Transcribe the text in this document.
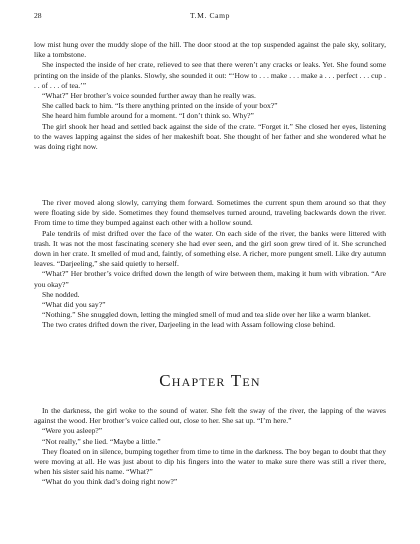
28	T.M. Camp

low mist hung over the muddy slope of the hill. The door stood at the top suspended against the pale sky, solitary, like a tombstone.

She inspected the inside of her crate, relieved to see that there weren’t any cracks or leaks. Yet. She found some printing on the inside of the planks. Slowly, she sounded it out: “‘How to . . . make . . . make a . . . perfect . . . cup . . . of . . . of tea.’”

“What?” Her brother’s voice sounded further away than he really was.

She called back to him. “Is there anything printed on the inside of your box?”

She heard him fumble around for a moment. “I don’t think so. Why?”

The girl shook her head and settled back against the side of the crate. “Forget it.” She closed her eyes, listening to the waves lapping against the sides of her makeshift boat. She thought of her father and she wondered what he was doing right now.

The river moved along slowly, carrying them forward. Sometimes the current spun them around so that they were floating side by side. Sometimes they found themselves turned around, traveling backwards down the river. From time to time they bumped against each other with a hollow sound.

Pale tendrils of mist drifted over the face of the water. On each side of the river, the banks were littered with trash. It was not the most fascinating scenery she had ever seen, and the girl soon grew tired of it. She scrunched down in her crate. It smelled of mud and, faintly, of something else. A richer, more pungent smell. Like dry autumn leaves. “Darjeeling,” she said quietly to herself.

“What?” Her brother’s voice drifted down the length of wire between them, making it hum with vibration. “Are you okay?”

She nodded.

“What did you say?”

“Nothing.” She snuggled down, letting the mingled smell of mud and tea slide over her like a warm blanket.

The two crates drifted down the river, Darjeeling in the lead with Assam following close behind.

Chapter Ten

In the darkness, the girl woke to the sound of water. She felt the sway of the river, the lapping of the waves against the wood. Her brother’s voice called out, close to her. She sat up. “I’m here.”

“Were you asleep?”

“Not really,” she lied. “Maybe a little.”

They floated on in silence, bumping together from time to time in the darkness. The boy began to doubt that they were moving at all. He was just about to dip his fingers into the water to make sure there was still a river there, when his sister said his name. “What?”

“What do you think dad’s doing right now?”
